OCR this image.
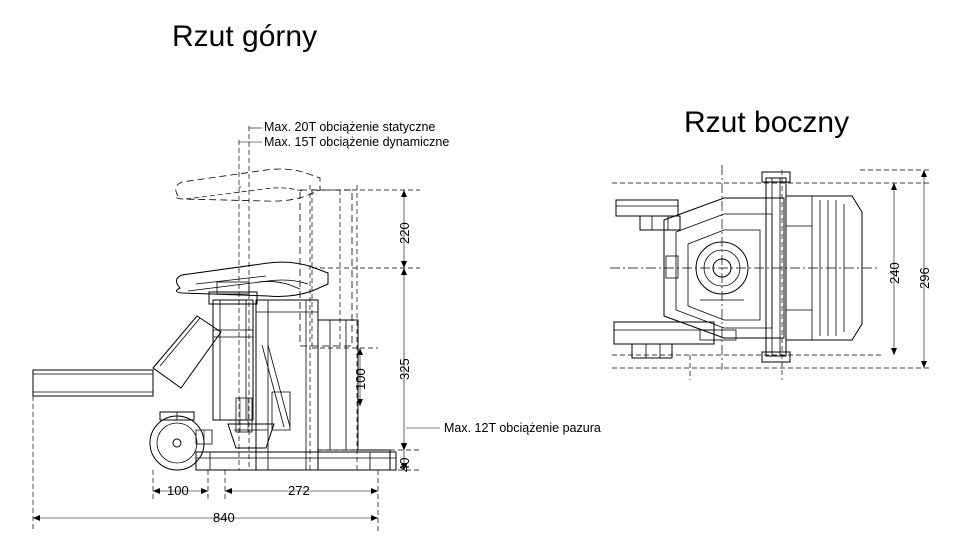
Rzut górny
Rzut boczny
Max. 20T obciążenie statyczne
Max. 15T obciążenie dynamiczne
Max. 12T obciążenie pazura
220
325
100
40
100	272
840
240 296
